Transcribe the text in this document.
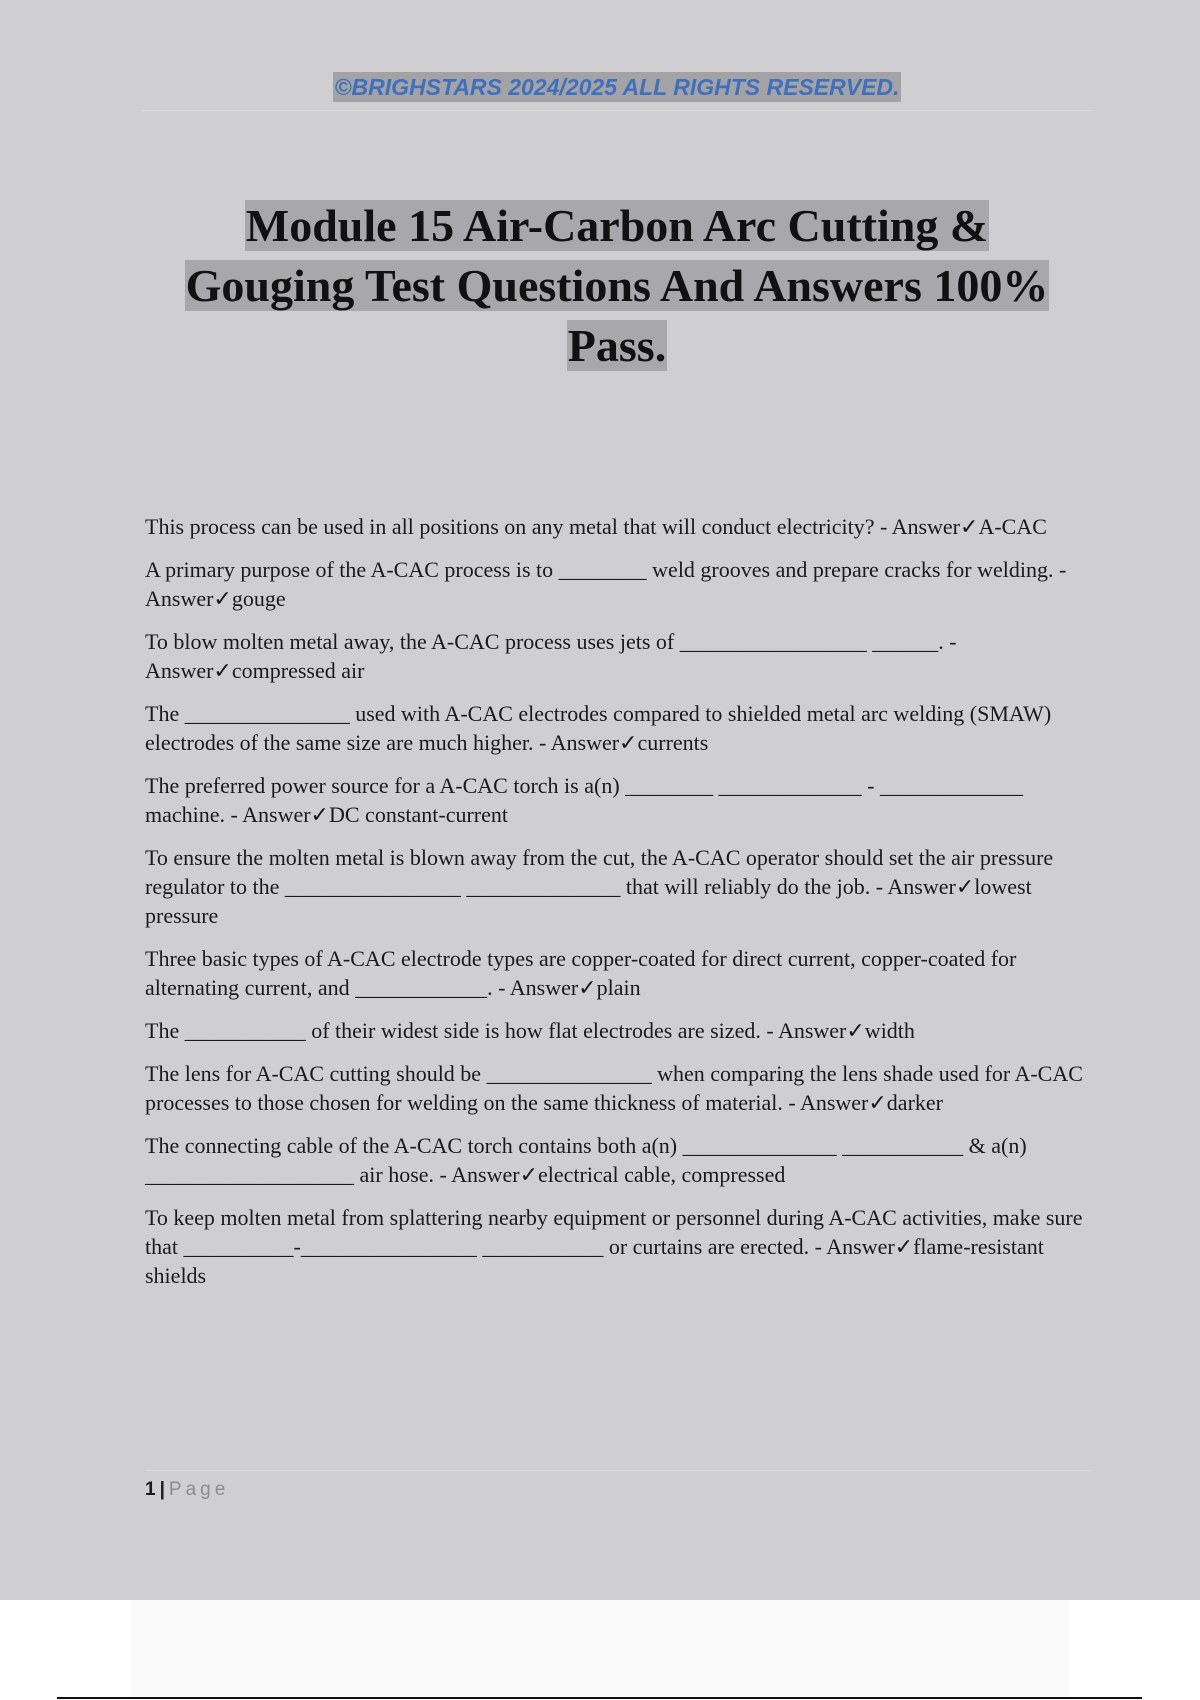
©BRIGHSTARS 2024/2025 ALL RIGHTS RESERVED.
Module 15 Air-Carbon Arc Cutting &
Gouging Test Questions And Answers 100%
Pass.

This process can be used in all positions on any metal that will conduct electricity? - Answer✓A-CAC

A primary purpose of the A-CAC process is to ________ weld grooves and prepare cracks for welding. - Answer✓gouge

To blow molten metal away, the A-CAC process uses jets of _________________ ______. - Answer✓compressed air

The _______________ used with A-CAC electrodes compared to shielded metal arc welding (SMAW) electrodes of the same size are much higher. - Answer✓currents

The preferred power source for a A-CAC torch is a(n) ________ _____________ - _____________ machine. - Answer✓DC constant-current

To ensure the molten metal is blown away from the cut, the A-CAC operator should set the air pressure regulator to the ________________ ______________ that will reliably do the job. - Answer✓lowest pressure

Three basic types of A-CAC electrode types are copper-coated for direct current, copper-coated for alternating current, and ____________. - Answer✓plain

The ___________ of their widest side is how flat electrodes are sized. - Answer✓width

The lens for A-CAC cutting should be _______________ when comparing the lens shade used for A-CAC processes to those chosen for welding on the same thickness of material. - Answer✓darker

The connecting cable of the A-CAC torch contains both a(n) ______________ ___________ & a(n) ___________________ air hose. - Answer✓electrical cable, compressed

To keep molten metal from splattering nearby equipment or personnel during A-CAC activities, make sure that __________-________________ ___________ or curtains are erected. - Answer✓flame-resistant shields

1 | Page
